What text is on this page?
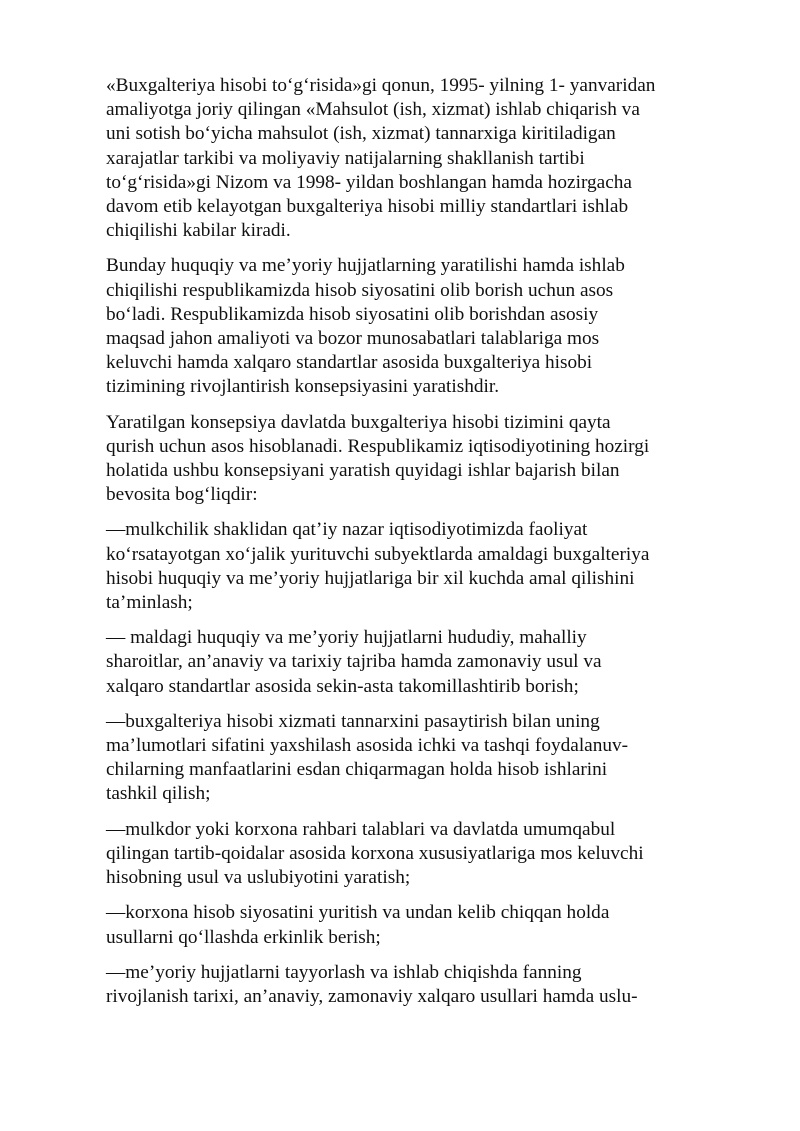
«Buxgalteriya hisobi to‘g‘risida»gi qonun, 1995- yilning 1- yanvaridan
amaliyotga joriy qilingan «Mahsulot (ish, xizmat) ishlab chiqarish va
uni sotish bo‘yicha mahsulot (ish, xizmat) tannarxiga kiritiladigan
xarajatlar tarkibi va moliyaviy natijalarning shakllanish tartibi
to‘g‘risida»gi Nizom va 1998- yildan boshlangan hamda hozirgacha
davom etib kelayotgan buxgalteriya hisobi milliy standartlari ishlab
chiqilishi kabilar kiradi.

Bunday huquqiy va me’yoriy hujjatlarning yaratilishi hamda ishlab
chiqilishi respublikamizda hisob siyosatini olib borish uchun asos
bo‘ladi. Respublikamizda hisob siyosatini olib borishdan asosiy
maqsad jahon amaliyoti va bozor munosabatlari talablariga mos
keluvchi hamda xalqaro standartlar asosida buxgalteriya hisobi
tizimining rivojlantirish konsepsiyasini yaratishdir.

Yaratilgan konsepsiya davlatda buxgalteriya hisobi tizimini qayta
qurish uchun asos hisoblanadi. Respublikamiz iqtisodiyotining hozirgi
holatida ushbu konsepsiyani yaratish quyidagi ishlar bajarish bilan
bevosita bog‘liqdir:

—mulkchilik shaklidan qat’iy nazar iqtisodiyotimizda faoliyat
ko‘rsatayotgan xo‘jalik yurituvchi subyektlarda amaldagi buxgalteriya
hisobi huquqiy va me’yoriy hujjatlariga bir xil kuchda amal qilishini
ta’minlash;

— maldagi huquqiy va me’yoriy hujjatlarni hududiy, mahalliy
sharoitlar, an’anaviy va tarixiy tajriba hamda zamonaviy usul va
xalqaro standartlar asosida sekin-asta takomillashtirib borish;

—buxgalteriya hisobi xizmati tannarxini pasaytirish bilan uning
ma’lumotlari sifatini yaxshilash asosida ichki va tashqi foydalanuv-
chilarning manfaatlarini esdan chiqarmagan holda hisob ishlarini
tashkil qilish;

—mulkdor yoki korxona rahbari talablari va davlatda umumqabul
qilingan tartib-qoidalar asosida korxona xususiyatlariga mos keluvchi
hisobning usul va uslubiyotini yaratish;

—korxona hisob siyosatini yuritish va undan kelib chiqqan holda
usullarni qo‘llashda erkinlik berish;

—me’yoriy hujjatlarni tayyorlash va ishlab chiqishda fanning
rivojlanish tarixi, an’anaviy, zamonaviy xalqaro usullari hamda uslu-
